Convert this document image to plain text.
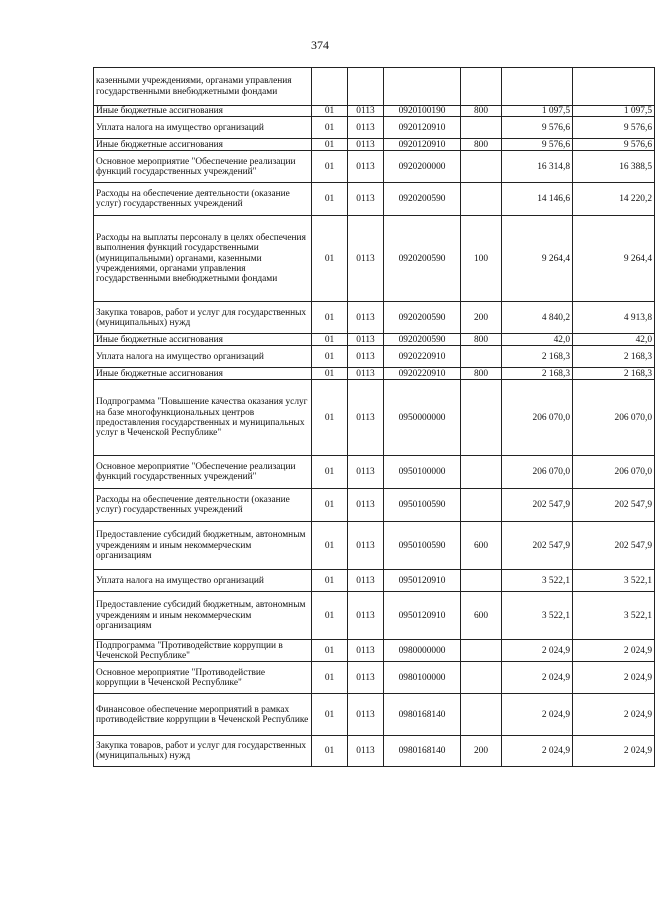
374
казенными учреждениями, органами управления государственными внебюджетными фондами						
Иные бюджетные ассигнования	01	0113	0920100190	800	1 097,5	1 097,5
Уплата налога на имущество организаций	01	0113	0920120910		9 576,6	9 576,6
Иные бюджетные ассигнования	01	0113	0920120910	800	9 576,6	9 576,6
Основное мероприятие "Обеспечение реализации функций государственных учреждений"	01	0113	0920200000		16 314,8	16 388,5
Расходы на обеспечение деятельности (оказание услуг) государственных учреждений	01	0113	0920200590		14 146,6	14 220,2
Расходы на выплаты персоналу в целях обеспечения выполнения функций государственными (муниципальными) органами, казенными учреждениями, органами управления государственными внебюджетными фондами	01	0113	0920200590	100	9 264,4	9 264,4
Закупка товаров, работ и услуг для государственных (муниципальных) нужд	01	0113	0920200590	200	4 840,2	4 913,8
Иные бюджетные ассигнования	01	0113	0920200590	800	42,0	42,0
Уплата налога на имущество организаций	01	0113	0920220910		2 168,3	2 168,3
Иные бюджетные ассигнования	01	0113	0920220910	800	2 168,3	2 168,3
Подпрограмма "Повышение качества оказания услуг на базе многофункциональных центров предоставления государственных и муниципальных услуг в Чеченской Республике"	01	0113	0950000000		206 070,0	206 070,0
Основное мероприятие "Обеспечение реализации функций государственных учреждений"	01	0113	0950100000		206 070,0	206 070,0
Расходы на обеспечение деятельности (оказание услуг) государственных учреждений	01	0113	0950100590		202 547,9	202 547,9
Предоставление субсидий бюджетным, автономным учреждениям и иным некоммерческим организациям	01	0113	0950100590	600	202 547,9	202 547,9
Уплата налога на имущество организаций	01	0113	0950120910		3 522,1	3 522,1
Предоставление субсидий бюджетным, автономным учреждениям и иным некоммерческим организациям	01	0113	0950120910	600	3 522,1	3 522,1
Подпрограмма "Противодействие коррупции в Чеченской Республике"	01	0113	0980000000		2 024,9	2 024,9
Основное мероприятие "Противодействие коррупции в Чеченской Республике"	01	0113	0980100000		2 024,9	2 024,9
Финансовое обеспечение мероприятий в рамках противодействие коррупции в Чеченской Республике	01	0113	0980168140		2 024,9	2 024,9
Закупка товаров, работ и услуг для государственных (муниципальных) нужд	01	0113	0980168140	200	2 024,9	2 024,9
